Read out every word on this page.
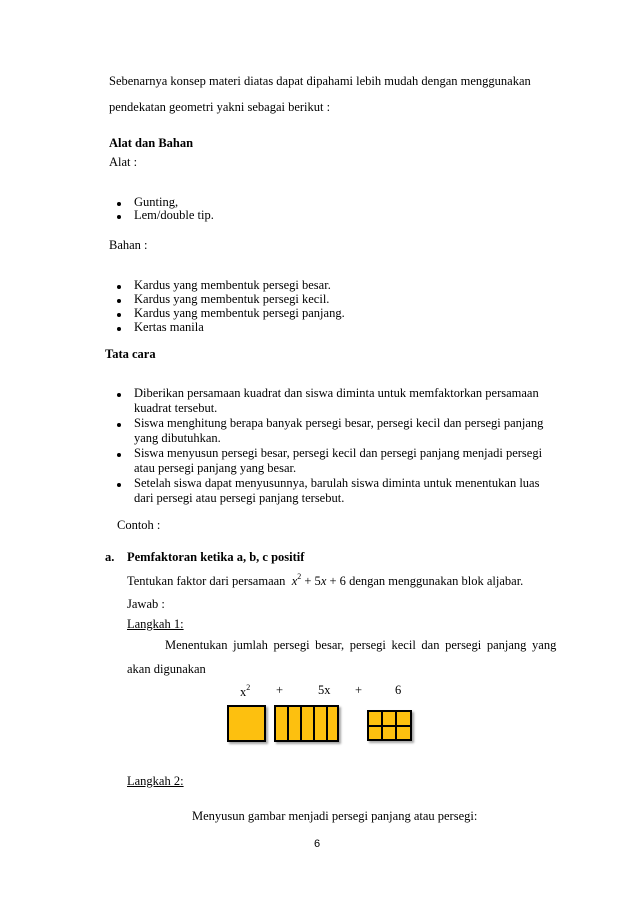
Sebenarnya konsep materi diatas dapat dipahami lebih mudah dengan menggunakan
pendekatan geometri yakni sebagai berikut :
Alat dan Bahan
Alat :
Gunting,
Lem/double tip.
Bahan :
Kardus yang membentuk persegi besar.
Kardus yang membentuk persegi kecil.
Kardus yang membentuk persegi panjang.
Kertas manila
Tata cara
Diberikan persamaan kuadrat dan siswa diminta untuk memfaktorkan persamaan
kuadrat tersebut.
Siswa menghitung berapa banyak persegi besar, persegi kecil dan persegi panjang
yang dibutuhkan.
Siswa menyusun persegi besar, persegi kecil dan persegi panjang menjadi persegi
atau persegi panjang yang besar.
Setelah siswa dapat menyusunnya, barulah siswa diminta untuk menentukan luas
dari persegi atau persegi panjang tersebut.
Contoh :
a. Pemfaktoran ketika a, b, c positif
Tentukan faktor dari persamaan $x^2 + 5x + 6$ dengan menggunakan blok aljabar.
Jawab :
Langkah 1:
Menentukan jumlah persegi besar, persegi kecil dan persegi panjang yang
akan digunakan
$x^2$ +	5x +	6
Langkah 2:
Menyusun gambar menjadi persegi panjang atau persegi:
6
